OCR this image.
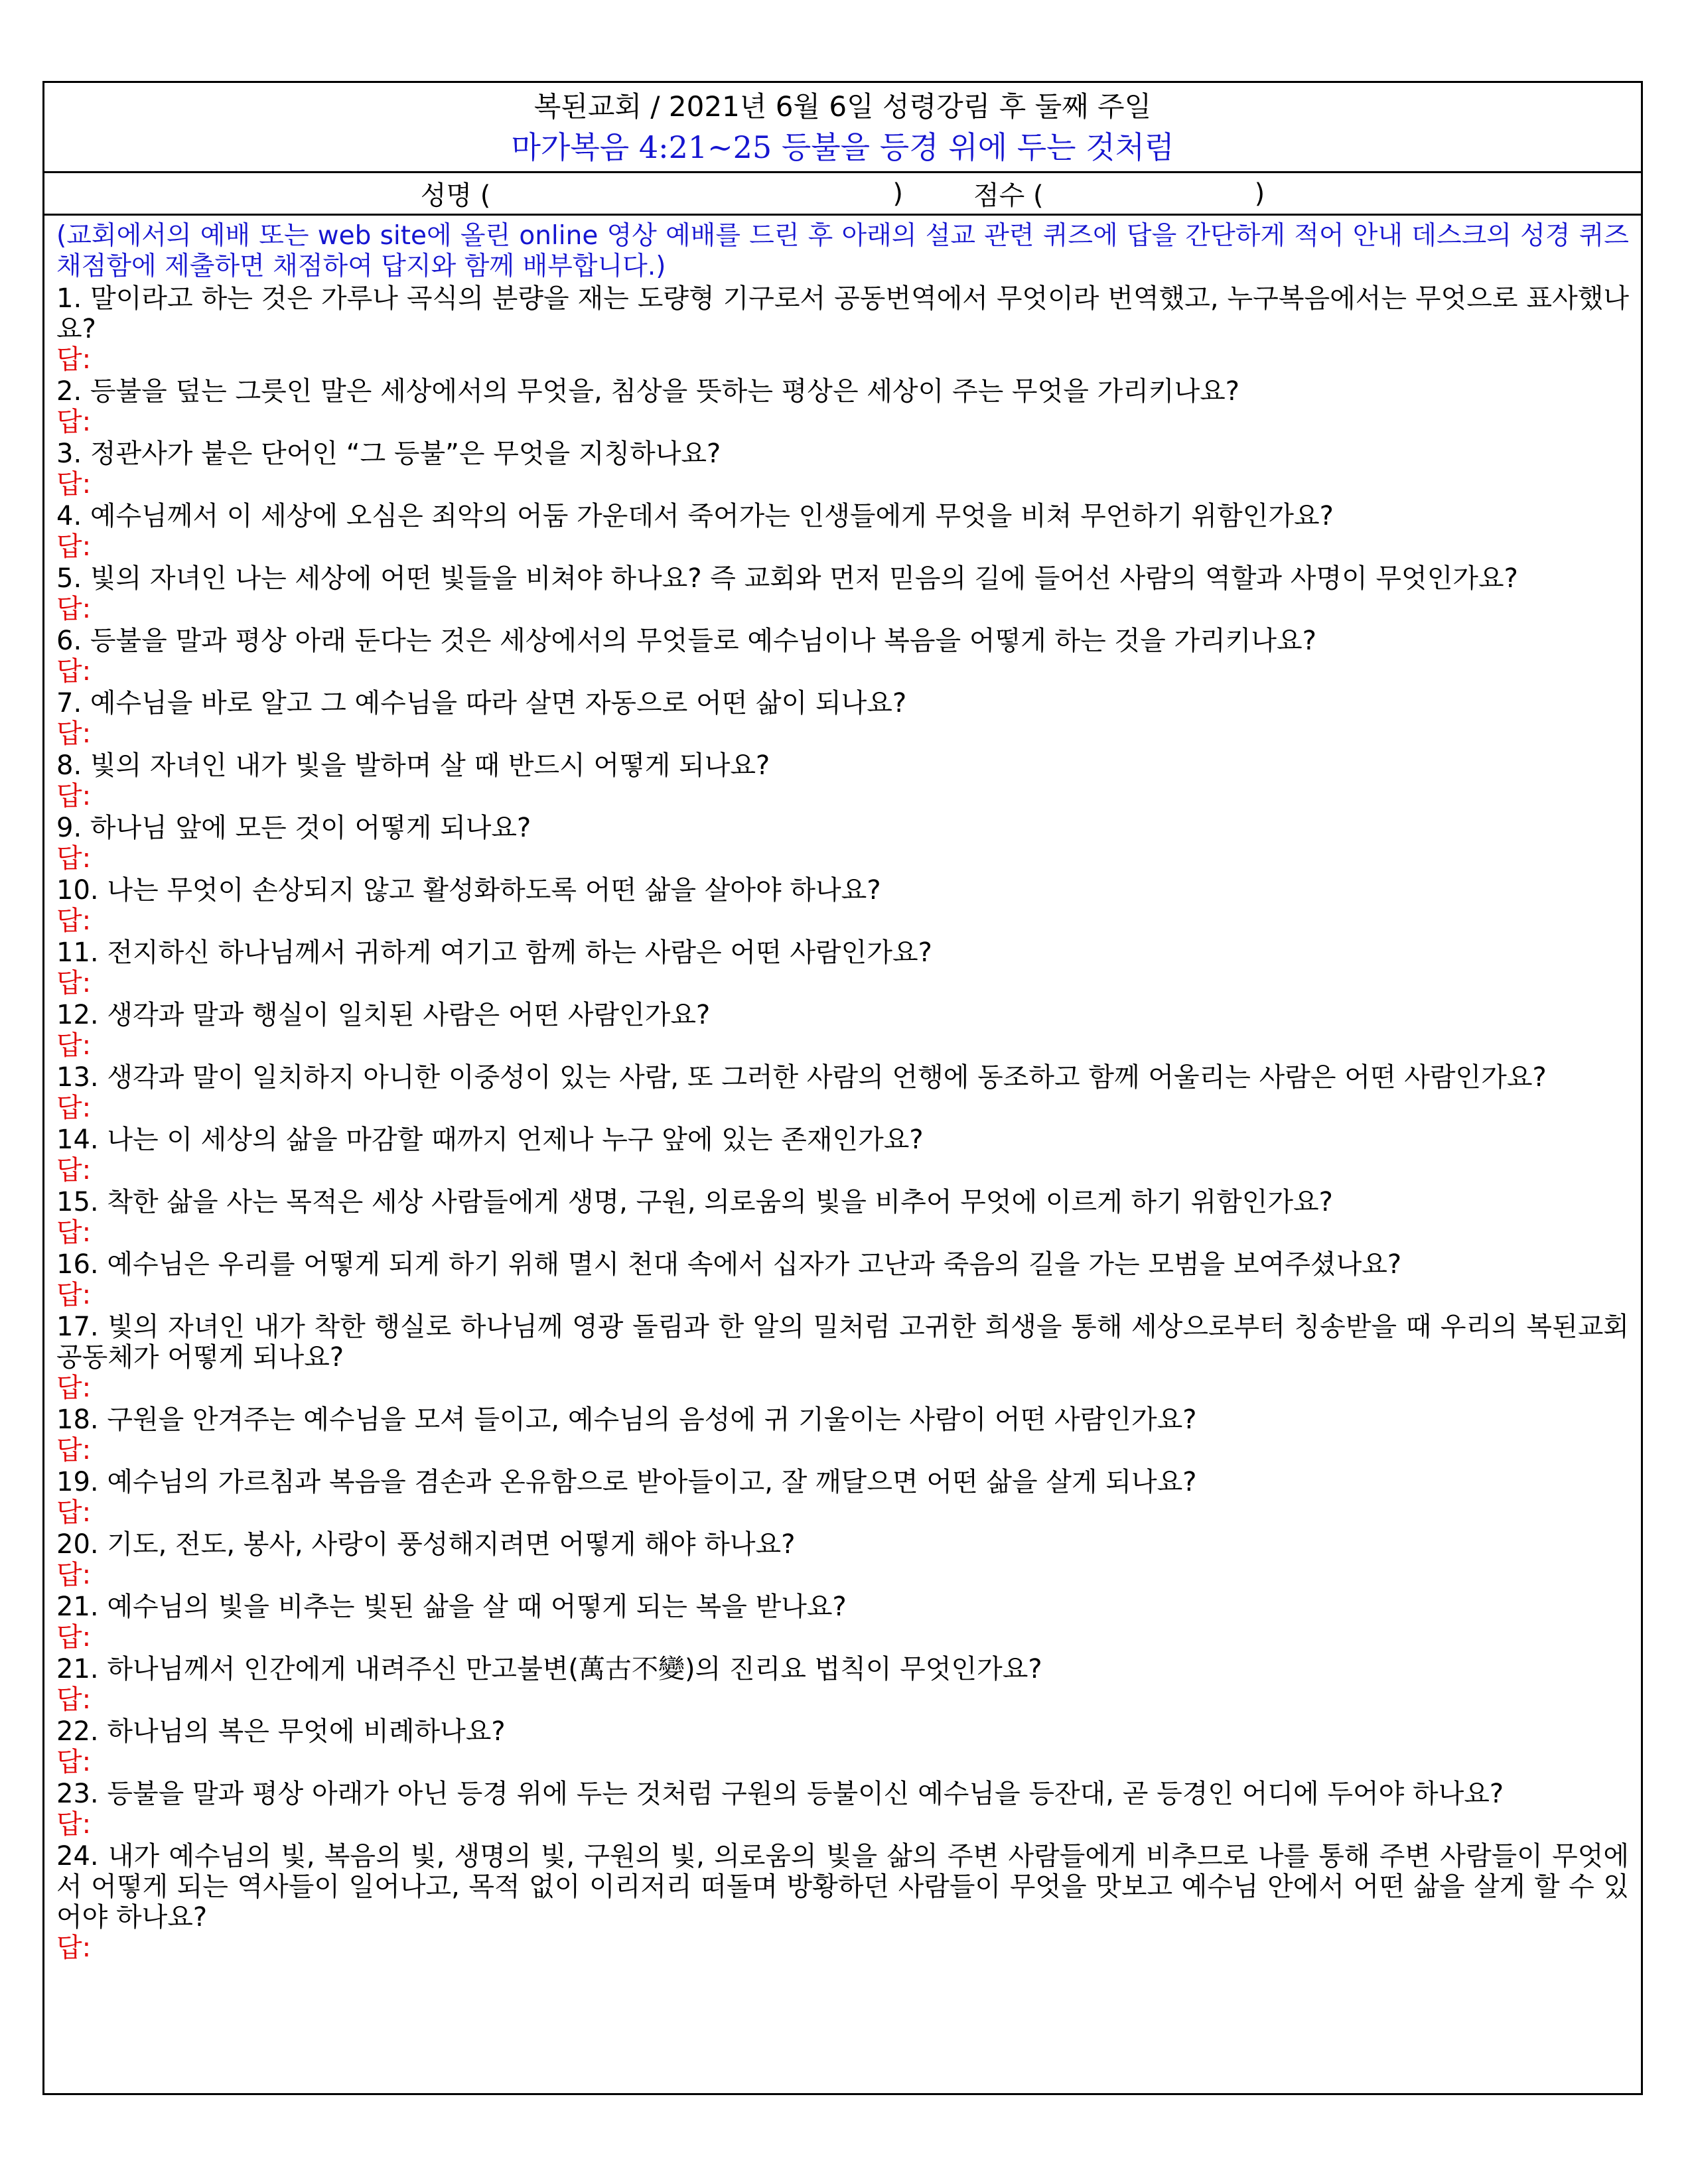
복된교회 / 2021년 6월 6일 성령강림 후 둘째 주일
마가복음 4:21~25 등불을 등경 위에 두는 것처럼
성명 (	)	점수 (	)
(교회에서의 예배 또는 web site에 올린 online 영상 예배를 드린 후 아래의 설교 관련 퀴즈에 답을 간단하게 적어 안내 데스크의 성경 퀴즈 채점함에 제출하면 채점하여 답지와 함께 배부합니다.)
1. 말이라고 하는 것은 가루나 곡식의 분량을 재는 도량형 기구로서 공동번역에서 무엇이라 번역했고, 누구복음에서는 무엇으로 표사했나요?
답:
2. 등불을 덮는 그릇인 말은 세상에서의 무엇을, 침상을 뜻하는 평상은 세상이 주는 무엇을 가리키나요?
답:
3. 정관사가 붙은 단어인 “그 등불”은 무엇을 지칭하나요?
답:
4. 예수님께서 이 세상에 오심은 죄악의 어둠 가운데서 죽어가는 인생들에게 무엇을 비쳐 무언하기 위함인가요?
답:
5. 빛의 자녀인 나는 세상에 어떤 빛들을 비쳐야 하나요? 즉 교회와 먼저 믿음의 길에 들어선 사람의 역할과 사명이 무엇인가요?
답:
6. 등불을 말과 평상 아래 둔다는 것은 세상에서의 무엇들로 예수님이나 복음을 어떻게 하는 것을 가리키나요?
답:
7. 예수님을 바로 알고 그 예수님을 따라 살면 자동으로 어떤 삶이 되나요?
답:
8. 빛의 자녀인 내가 빛을 발하며 살 때 반드시 어떻게 되나요?
답:
9. 하나님 앞에 모든 것이 어떻게 되나요?
답:
10. 나는 무엇이 손상되지 않고 활성화하도록 어떤 삶을 살아야 하나요?
답:
11. 전지하신 하나님께서 귀하게 여기고 함께 하는 사람은 어떤 사람인가요?
답:
12. 생각과 말과 행실이 일치된 사람은 어떤 사람인가요?
답:
13. 생각과 말이 일치하지 아니한 이중성이 있는 사람, 또 그러한 사람의 언행에 동조하고 함께 어울리는 사람은 어떤 사람인가요?
답:
14. 나는 이 세상의 삶을 마감할 때까지 언제나 누구 앞에 있는 존재인가요?
답:
15. 착한 삶을 사는 목적은 세상 사람들에게 생명, 구원, 의로움의 빛을 비추어 무엇에 이르게 하기 위함인가요?
답:
16. 예수님은 우리를 어떻게 되게 하기 위해 멸시 천대 속에서 십자가 고난과 죽음의 길을 가는 모범을 보여주셨나요?
답:
17. 빛의 자녀인 내가 착한 행실로 하나님께 영광 돌림과 한 알의 밀처럼 고귀한 희생을 통해 세상으로부터 칭송받을 때 우리의 복된교회 공동체가 어떻게 되나요?
답:
18. 구원을 안겨주는 예수님을 모셔 들이고, 예수님의 음성에 귀 기울이는 사람이 어떤 사람인가요?
답:
19. 예수님의 가르침과 복음을 겸손과 온유함으로 받아들이고, 잘 깨달으면 어떤 삶을 살게 되나요?
답:
20. 기도, 전도, 봉사, 사랑이 풍성해지려면 어떻게 해야 하나요?
답:
21. 예수님의 빛을 비추는 빛된 삶을 살 때 어떻게 되는 복을 받나요?
답:
21. 하나님께서 인간에게 내려주신 만고불변(萬古不變)의 진리요 법칙이 무엇인가요?
답:
22. 하나님의 복은 무엇에 비례하나요?
답:
23. 등불을 말과 평상 아래가 아닌 등경 위에 두는 것처럼 구원의 등불이신 예수님을 등잔대, 곧 등경인 어디에 두어야 하나요?
답:
24. 내가 예수님의 빛, 복음의 빛, 생명의 빛, 구원의 빛, 의로움의 빛을 삶의 주변 사람들에게 비추므로 나를 통해 주변 사람들이 무엇에서 어떻게 되는 역사들이 일어나고, 목적 없이 이리저리 떠돌며 방황하던 사람들이 무엇을 맛보고 예수님 안에서 어떤 삶을 살게 할 수 있어야 하나요?
답:
